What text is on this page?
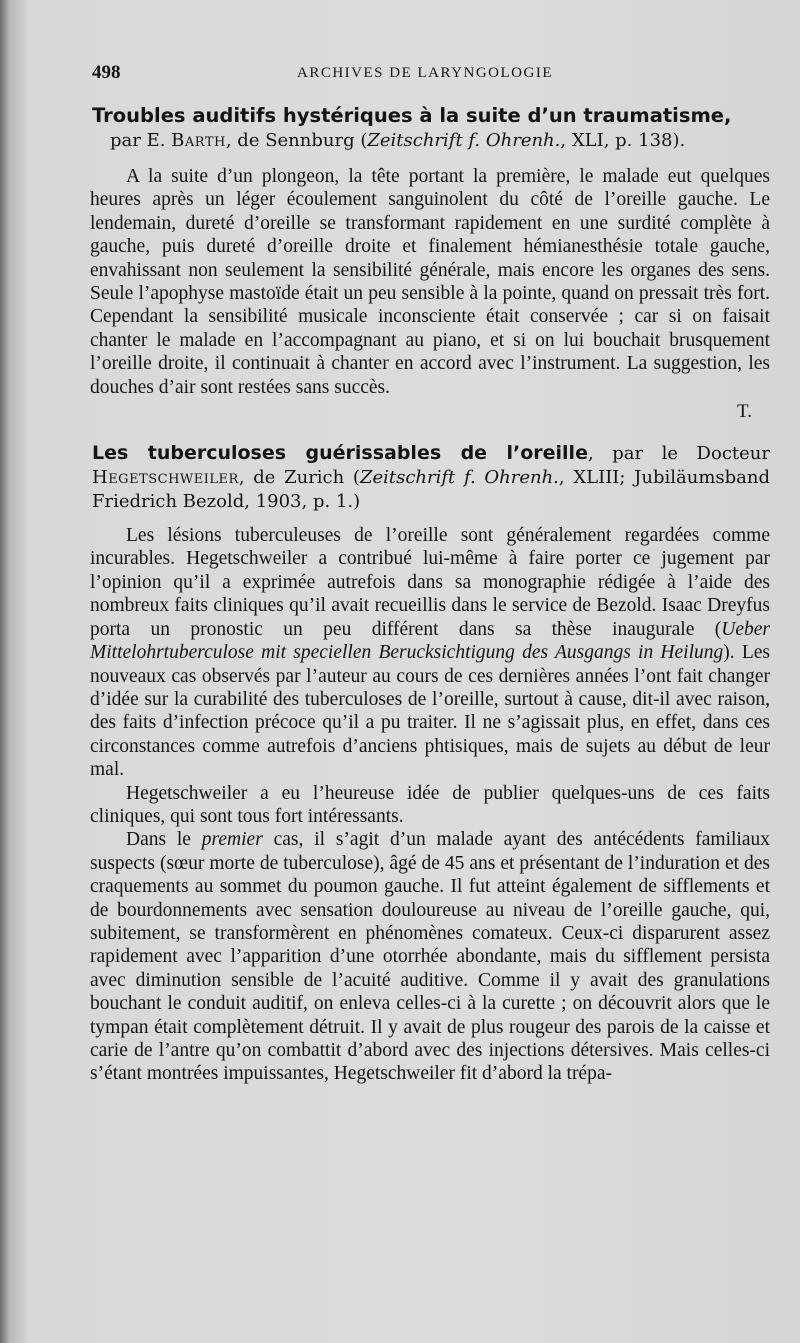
498	ARCHIVES DE LARYNGOLOGIE
Troubles auditifs hystériques à la suite d’un traumatisme,
par E. Barth, de Sennburg (Zeitschrift f. Ohrenh., XLI, p. 138).

A la suite d’un plongeon, la tête portant la première, le malade eut quelques heures après un léger écoulement sanguinolent du côté de l’oreille gauche. Le lendemain, dureté d’oreille se transformant rapidement en une surdité complète à gauche, puis dureté d’oreille droite et finalement hémianesthésie totale gauche, envahissant non seulement la sensibilité générale, mais encore les organes des sens. Seule l’apophyse mastoïde était un peu sensible à la pointe, quand on pressait très fort. Cependant la sensibilité musicale inconsciente était conservée ; car si on faisait chanter le malade en l’accompagnant au piano, et si on lui bouchait brusquement l’oreille droite, il continuait à chanter en accord avec l’instrument. La suggestion, les douches d’air sont restées sans succès.

T.
Les tuberculoses guérissables de l’oreille, par le Docteur Hegetschweiler, de Zurich (Zeitschrift f. Ohrenh., XLIII; Jubiläumsband Friedrich Bezold, 1903, p. 1.)

Les lésions tuberculeuses de l’oreille sont généralement regardées comme incurables. Hegetschweiler a contribué lui-même à faire porter ce jugement par l’opinion qu’il a exprimée autrefois dans sa monographie rédigée à l’aide des nombreux faits cliniques qu’il avait recueillis dans le service de Bezold. Isaac Dreyfus porta un pronostic un peu différent dans sa thèse inaugurale (Ueber Mittelohrtuberculose mit speciellen Berucksichtigung des Ausgangs in Heilung). Les nouveaux cas observés par l’auteur au cours de ces dernières années l’ont fait changer d’idée sur la curabilité des tuberculoses de l’oreille, surtout à cause, dit-il avec raison, des faits d’infection précoce qu’il a pu traiter. Il ne s’agissait plus, en effet, dans ces circonstances comme autrefois d’anciens phtisiques, mais de sujets au début de leur mal.

Hegetschweiler a eu l’heureuse idée de publier quelques-uns de ces faits cliniques, qui sont tous fort intéressants.

Dans le premier cas, il s’agit d’un malade ayant des antécédents familiaux suspects (sœur morte de tuberculose), âgé de 45 ans et présentant de l’induration et des craquements au sommet du poumon gauche. Il fut atteint également de sifflements et de bourdonnements avec sensation douloureuse au niveau de l’oreille gauche, qui, subitement, se transformèrent en phénomènes comateux. Ceux-ci disparurent assez rapidement avec l’apparition d’une otorrhée abondante, mais du sifflement persista avec diminution sensible de l’acuité auditive. Comme il y avait des granulations bouchant le conduit auditif, on enleva celles-ci à la curette ; on découvrit alors que le tympan était complètement détruit. Il y avait de plus rougeur des parois de la caisse et carie de l’antre qu’on combattit d’abord avec des injections détersives. Mais celles-ci s’étant montrées impuissantes, Hegetschweiler fit d’abord la trépa-
